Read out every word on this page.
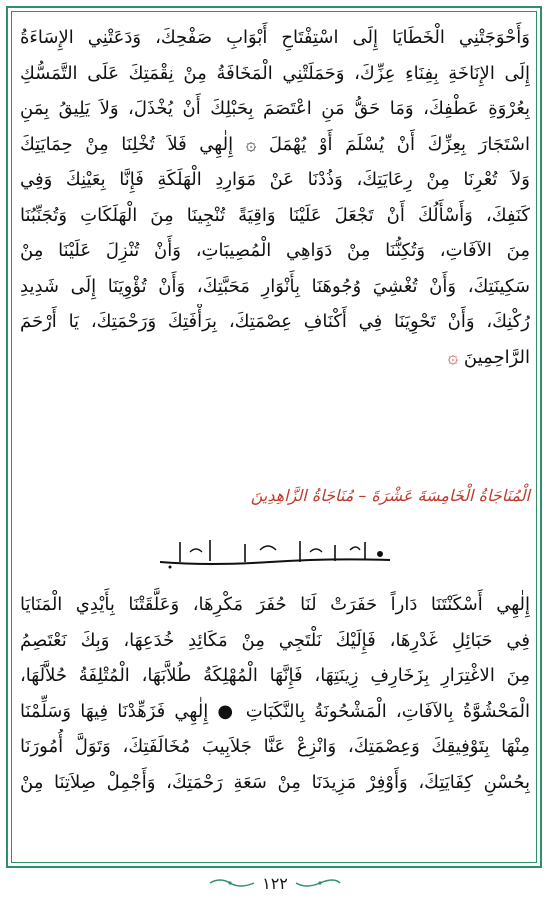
وَأَحْوَجَتْنِي الْخَطَايَا إِلَى اسْتِفْتَاحِ أَبْوَابِ صَفْحِكَ، وَدَعَتْنِي الإِسَاءَةُ
إِلَى الإِنَاخَةِ بِفِنَاءِ عِزِّكَ، وَحَمَلَتْنِي الْمَخَافَةُ مِنْ نِقْمَتِكَ عَلَى التَّمَسُّكِ
بِعُرْوَةِ عَطْفِكَ، وَمَا حَقُّ مَنِ اعْتَصَمَ بِحَبْلِكَ أَنْ يُخْذَلَ، وَلاَ يَلِيقُ بِمَنِ
اسْتَجَارَ بِعِزِّكَ أَنْ يُسْلَمَ أَوْ يُهْمَلَ ۞ إِلٰهِي فَلاَ تُخْلِنَا مِنْ حِمَايَتِكَ
وَلاَ تُعْرِنَا مِنْ رِعَايَتِكَ، وَذُدْنَا عَنْ مَوَارِدِ الْهَلَكَةِ فَإِنَّا بِعَيْنِكَ وَفِي
كَنَفِكَ، وَأَسْأَلُكَ أَنْ تَجْعَلَ عَلَيْنَا وَاقِيَةً تُنْجِينَا مِنَ الْهَلَكَاتِ وَتُجَنِّبُنَا
مِنَ الآفَاتِ، وَتُكِنُّنَا مِنْ دَوَاهِي الْمُصِيبَاتِ، وَأَنْ تُنْزِلَ عَلَيْنَا مِنْ
سَكِينَتِكَ، وَأَنْ تُغْشِيَ وُجُوهَنَا بِأَنْوَارِ مَحَبَّتِكَ، وَأَنْ تُؤْوِيَنَا إِلَى شَدِيدِ
رُكْنِكَ، وَأَنْ تَحْوِيَنَا فِي أَكْنَافِ عِصْمَتِكَ، بِرَأْفَتِكَ وَرَحْمَتِكَ، يَا أَرْحَمَ
الرَّاحِمِينَ ۞
الْمُنَاجَاةُ الْخَامِسَةَ عَشْرَةَ – مُنَاجَاةُ الزَّاهِدِينَ
إِلٰهِي أَسْكَنْتَنَا دَاراً حَفَرَتْ لَنَا حُفَرَ مَكْرِهَا، وَعَلَّقَتْنَا بِأَيْدِي الْمَنَايَا
فِي حَبَائِلِ غَدْرِهَا، فَإِلَيْكَ نَلْتَجِي مِنْ مَكَائِدِ خُدَعِهَا، وَبِكَ نَعْتَصِمُ
مِنَ الاغْتِرَارِ بِزَخَارِفِ زِينَتِهَا، فَإِنَّهَا الْمُهْلِكَةُ طُلاَّبَهَا، الْمُتْلِفَةُ حُلاَّلَهَا،
الْمَحْشُوَّةُ بِالآفَاتِ، الْمَشْحُونَةُ بِالنَّكَبَاتِ ● إِلٰهِي فَزَهِّدْنَا فِيهَا وَسَلِّمْنَا
مِنْهَا بِتَوْفِيقِكَ وَعِصْمَتِكَ، وَانْزِعْ عَنَّا جَلاَبِيبَ مُخَالَفَتِكَ، وَتَوَلَّ أُمُورَنَا
بِحُسْنِ كِفَايَتِكَ، وَأَوْفِرْ مَزِيدَنَا مِنْ سَعَةِ رَحْمَتِكَ، وَأَجْمِلْ صِلاَتِنَا مِنْ
١٢٢
